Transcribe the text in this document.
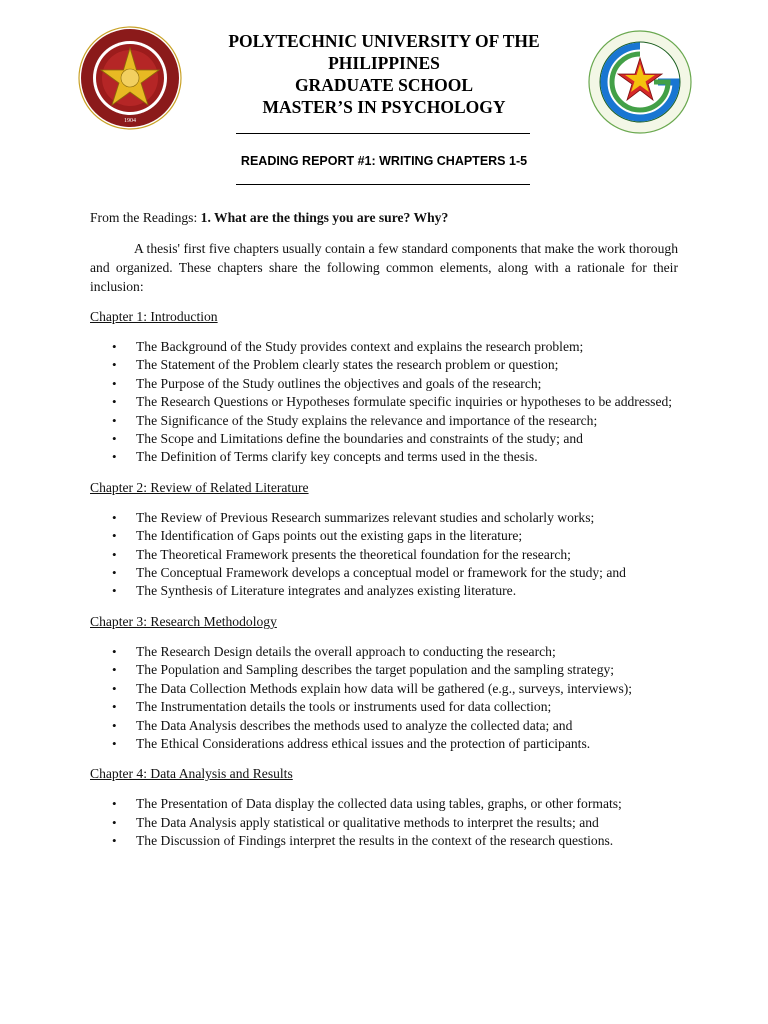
1904
POLYTECHNIC UNIVERSITY OF THE
PHILIPPINES
GRADUATE SCHOOL
MASTER’S IN PSYCHOLOGY
READING REPORT #1: WRITING CHAPTERS 1-5

From the Readings: 1. What are the things you are sure? Why?

A thesis' first five chapters usually contain a few standard components that make the work thorough and organized. These chapters share the following common elements, along with a rationale for their inclusion:

Chapter 1: Introduction

• The Background of the Study provides context and explains the research problem;
• The Statement of the Problem clearly states the research problem or question;
• The Purpose of the Study outlines the objectives and goals of the research;
• The Research Questions or Hypotheses formulate specific inquiries or hypotheses to be addressed;
• The Significance of the Study explains the relevance and importance of the research;
• The Scope and Limitations define the boundaries and constraints of the study; and
• The Definition of Terms clarify key concepts and terms used in the thesis.

Chapter 2: Review of Related Literature

• The Review of Previous Research summarizes relevant studies and scholarly works;
• The Identification of Gaps points out the existing gaps in the literature;
• The Theoretical Framework presents the theoretical foundation for the research;
• The Conceptual Framework develops a conceptual model or framework for the study; and
• The Synthesis of Literature integrates and analyzes existing literature.

Chapter 3: Research Methodology

• The Research Design details the overall approach to conducting the research;
• The Population and Sampling describes the target population and the sampling strategy;
• The Data Collection Methods explain how data will be gathered (e.g., surveys, interviews);
• The Instrumentation details the tools or instruments used for data collection;
• The Data Analysis describes the methods used to analyze the collected data; and
• The Ethical Considerations address ethical issues and the protection of participants.

Chapter 4: Data Analysis and Results

• The Presentation of Data display the collected data using tables, graphs, or other formats;
• The Data Analysis apply statistical or qualitative methods to interpret the results; and
• The Discussion of Findings interpret the results in the context of the research questions.
